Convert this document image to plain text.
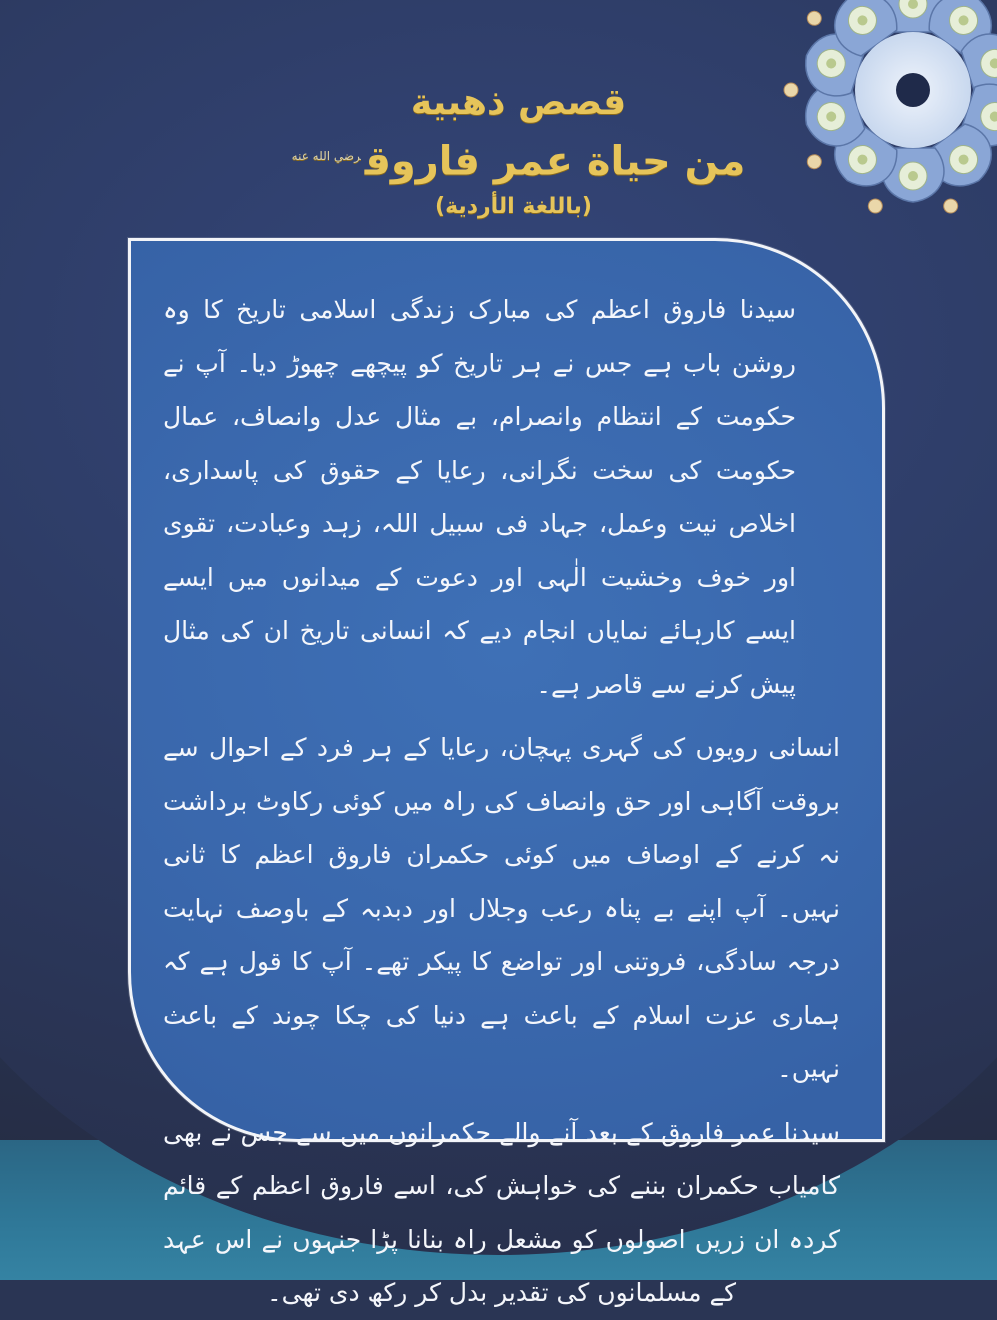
قصص ذهبية
من حياة عمر فاروق$^{رضي الله عنه}$
(باللغة الأردية)

سیدنا فاروق اعظم کی مبارک زندگی اسلامی تاریخ کا وہ روشن باب ہے جس نے ہر تاریخ کو پیچھے چھوڑ دیا۔ آپ نے حکومت کے انتظام وانصرام، بے مثال عدل وانصاف، عمال حکومت کی سخت نگرانی، رعایا کے حقوق کی پاسداری، اخلاص نیت وعمل، جہاد فی سبیل اللہ، زہد وعبادت، تقوی اور خوف وخشیت الٰہی اور دعوت کے میدانوں میں ایسے ایسے کارہائے نمایاں انجام دیے کہ انسانی تاریخ ان کی مثال پیش کرنے سے قاصر ہے۔

انسانی رویوں کی گہری پہچان، رعایا کے ہر فرد کے احوال سے بروقت آگاہی اور حق وانصاف کی راہ میں کوئی رکاوٹ برداشت نہ کرنے کے اوصاف میں کوئی حکمران فاروق اعظم کا ثانی نہیں۔ آپ اپنے بے پناہ رعب وجلال اور دبدبہ کے باوصف نہایت درجہ سادگی، فروتنی اور تواضع کا پیکر تھے۔ آپ کا قول ہے کہ ہماری عزت اسلام کے باعث ہے دنیا کی چکا چوند کے باعث نہیں۔

سیدنا عمر فاروق کے بعد آنے والے حکمرانوں میں سے جس نے بھی کامیاب حکمران بننے کی خواہش کی، اسے فاروق اعظم کے قائم کردہ ان زریں اصولوں کو مشعل راہ بنانا پڑا جنہوں نے اس عہد کے مسلمانوں کی تقدیر بدل کر رکھ دی تھی۔
